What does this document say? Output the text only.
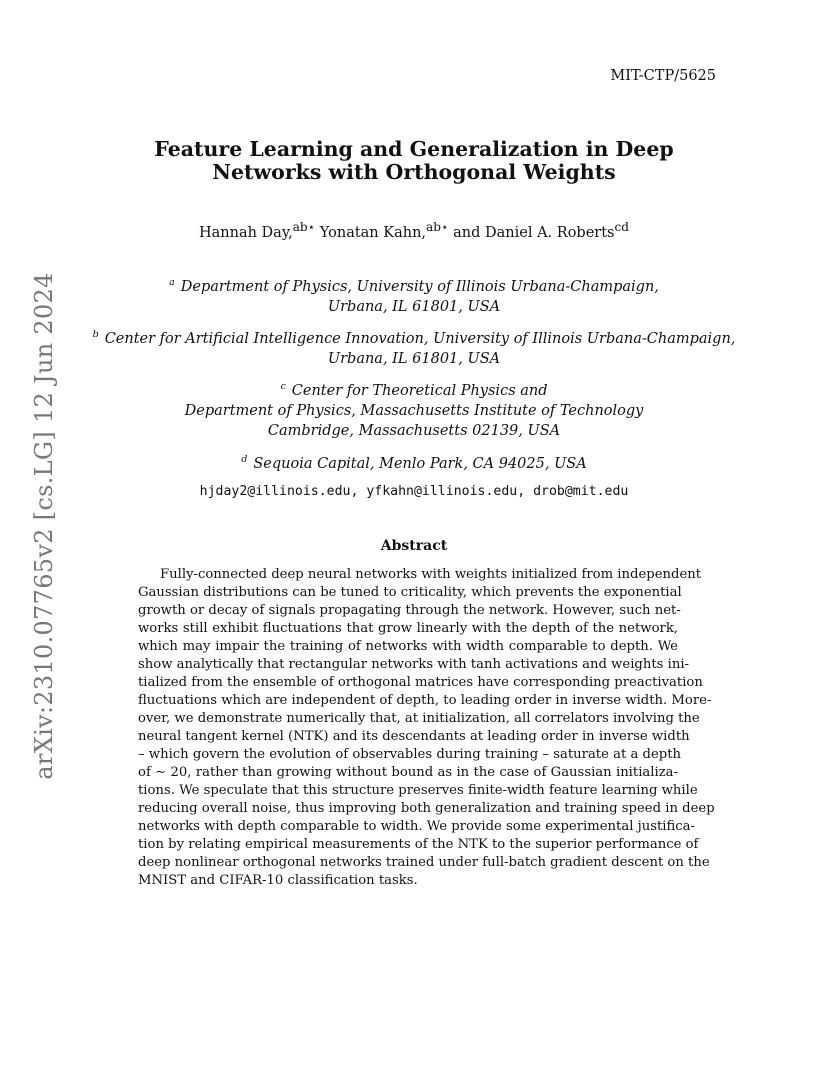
arXiv:2310.07765v2 [cs.LG] 12 Jun 2024
MIT-CTP/5625
Feature Learning and Generalization in Deep
Networks with Orthogonal Weights
Hannah Day,$^{ab⋆}$ Yonatan Kahn,$^{ab⋆}$ and Daniel A. Roberts$^{cd}$
$^a$ Department of Physics, University of Illinois Urbana-Champaign,
Urbana, IL 61801, USA
$^b$ Center for Artificial Intelligence Innovation, University of Illinois Urbana-Champaign,
Urbana, IL 61801, USA
$^c$ Center for Theoretical Physics and
Department of Physics, Massachusetts Institute of Technology
Cambridge, Massachusetts 02139, USA
$^d$ Sequoia Capital, Menlo Park, CA 94025, USA
hjday2@illinois.edu, yfkahn@illinois.edu, drob@mit.edu
Abstract
Fully-connected deep neural networks with weights initialized from independent
Gaussian distributions can be tuned to criticality, which prevents the exponential
growth or decay of signals propagating through the network. However, such net-
works still exhibit fluctuations that grow linearly with the depth of the network,
which may impair the training of networks with width comparable to depth. We
show analytically that rectangular networks with tanh activations and weights ini-
tialized from the ensemble of orthogonal matrices have corresponding preactivation
fluctuations which are independent of depth, to leading order in inverse width. More-
over, we demonstrate numerically that, at initialization, all correlators involving the
neural tangent kernel (NTK) and its descendants at leading order in inverse width
– which govern the evolution of observables during training – saturate at a depth
of ∼ 20, rather than growing without bound as in the case of Gaussian initializa-
tions. We speculate that this structure preserves finite-width feature learning while
reducing overall noise, thus improving both generalization and training speed in deep
networks with depth comparable to width. We provide some experimental justifica-
tion by relating empirical measurements of the NTK to the superior performance of
deep nonlinear orthogonal networks trained under full-batch gradient descent on the
MNIST and CIFAR-10 classification tasks.
